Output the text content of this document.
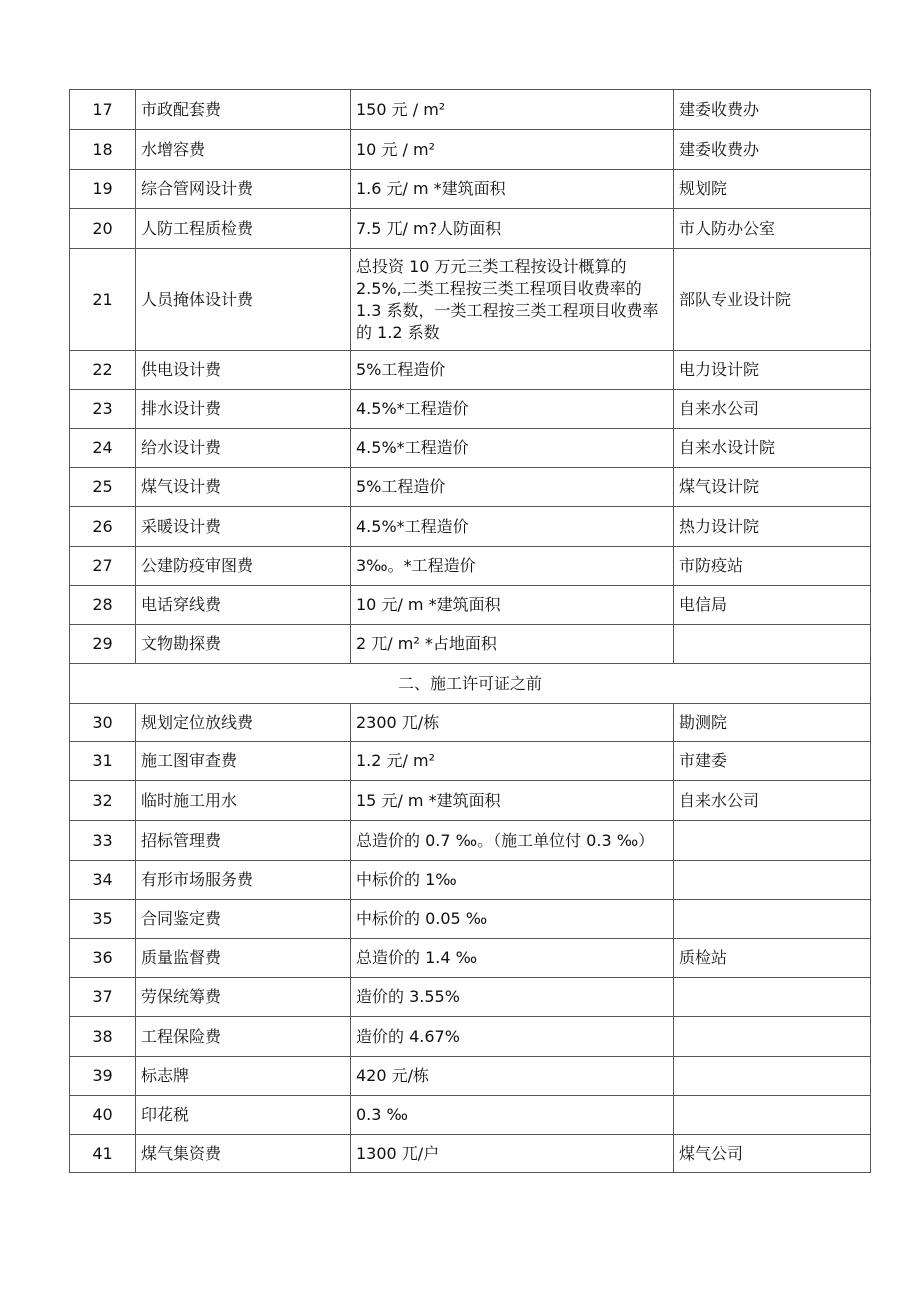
17	市政配套费	150 元 / m²	建委收费办
18	水增容费	10 元 / m²	建委收费办
19	综合管网设计费	1.6 元/ m *建筑面积	规划院
20	人防工程质检费	7.5 兀/ m?人防面积	市人防办公室
21	人员掩体设计费	总投资 10 万元三类工程按设计概算的 2.5%,二类工程按三类工程项目收费率的 1.3 系数，一类工程按三类工程项目收费率的 1.2 系数	部队专业设计院
22	供电设计费	5%工程造价	电力设计院
23	排水设计费	4.5%*工程造价	自来水公司
24	给水设计费	4.5%*工程造价	自来水设计院
25	煤气设计费	5%工程造价	煤气设计院
26	采暖设计费	4.5%*工程造价	热力设计院
27	公建防疫审图费	3‰。*工程造价	市防疫站
28	电话穿线费	10 元/ m *建筑面积	电信局
29	文物勘探费	2 兀/ m² *占地面积	
二、施工许可证之前			
30	规划定位放线费	2300 兀/栋	勘测院
31	施工图审查费	1.2 元/ m²	市建委
32	临时施工用水	15 元/ m *建筑面积	自来水公司
33	招标管理费	总造价的 0.7 ‰。（施工单位付 0.3 ‰）	
34	有形市场服务费	中标价的 1‰	
35	合同鉴定费	中标价的 0.05 ‰	
36	质量监督费	总造价的 1.4 ‰	质检站
37	劳保统筹费	造价的 3.55%	
38	工程保险费	造价的 4.67%	
39	标志牌	420 元/栋	
40	印花税	0.3 ‰	
41	煤气集资费	1300 兀/户	煤气公司
